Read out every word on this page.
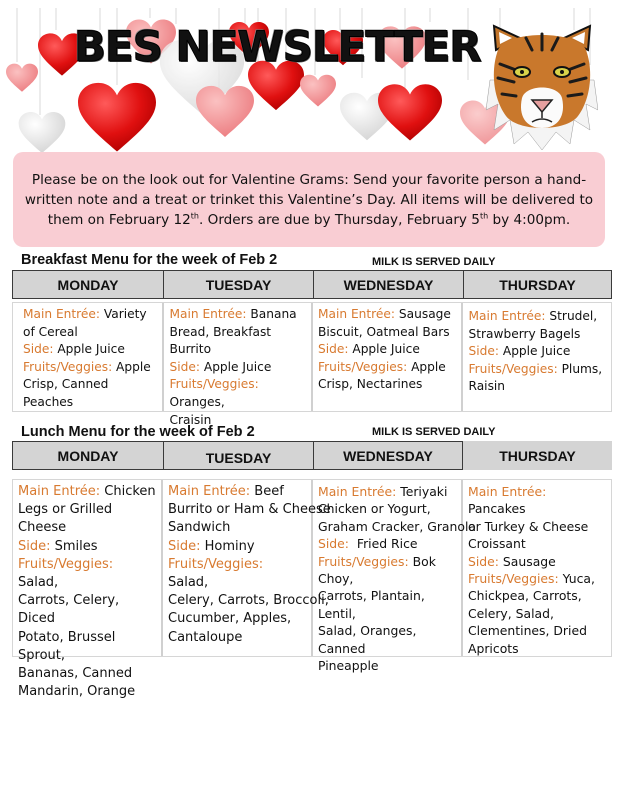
BES NEWSLETTER

Please be on the look out for Valentine Grams: Send your favorite person a hand-

written note and a treat or trinket this Valentine’s Day. All items will be delivered to

them on February 12th. Orders are due by Thursday, February 5th by 4:00pm.

Breakfast Menu for the week of Feb 2	MILK IS SERVED DAILY
MONDAY	TUESDAY	WEDNESDAY	THURSDAY
Main Entrée: Variety
of Cereal
Side: Apple Juice
Fruits/Veggies: Apple
Crisp, Canned
Peaches
Main Entrée: Banana
Bread, Breakfast Burrito
Side: Apple Juice
Fruits/Veggies: Oranges,
Craisin
Main Entrée: Sausage
Biscuit, Oatmeal Bars
Side: Apple Juice
Fruits/Veggies: Apple
Crisp, Nectarines
Main Entrée: Strudel,
Strawberry Bagels
Side: Apple Juice
Fruits/Veggies: Plums,
Raisin
Lunch Menu for the week of Feb 2	MILK IS SERVED DAILY
MONDAY	TUESDAY	WEDNESDAY	THURSDAY
Main Entrée: Chicken
Legs or Grilled Cheese
Side: Smiles
Fruits/Veggies: Salad,
Carrots, Celery, Diced
Potato, Brussel Sprout,
Bananas, Canned
Mandarin, Orange
Main Entrée: Beef
Burrito or Ham & Cheese
Sandwich
Side: Hominy
Fruits/Veggies: Salad,
Celery, Carrots, Broccoli,
Cucumber, Apples,
Cantaloupe
Main Entrée: Teriyaki
Chicken or Yogurt,
Graham Cracker, Granola
Side:  Fried Rice
Fruits/Veggies: Bok Choy,
Carrots, Plantain, Lentil,
Salad, Oranges, Canned
Pineapple
Main Entrée: Pancakes
or Turkey & Cheese
Croissant
Side: Sausage
Fruits/Veggies: Yuca,
Chickpea, Carrots,
Celery, Salad,
Clementines, Dried
Apricots
